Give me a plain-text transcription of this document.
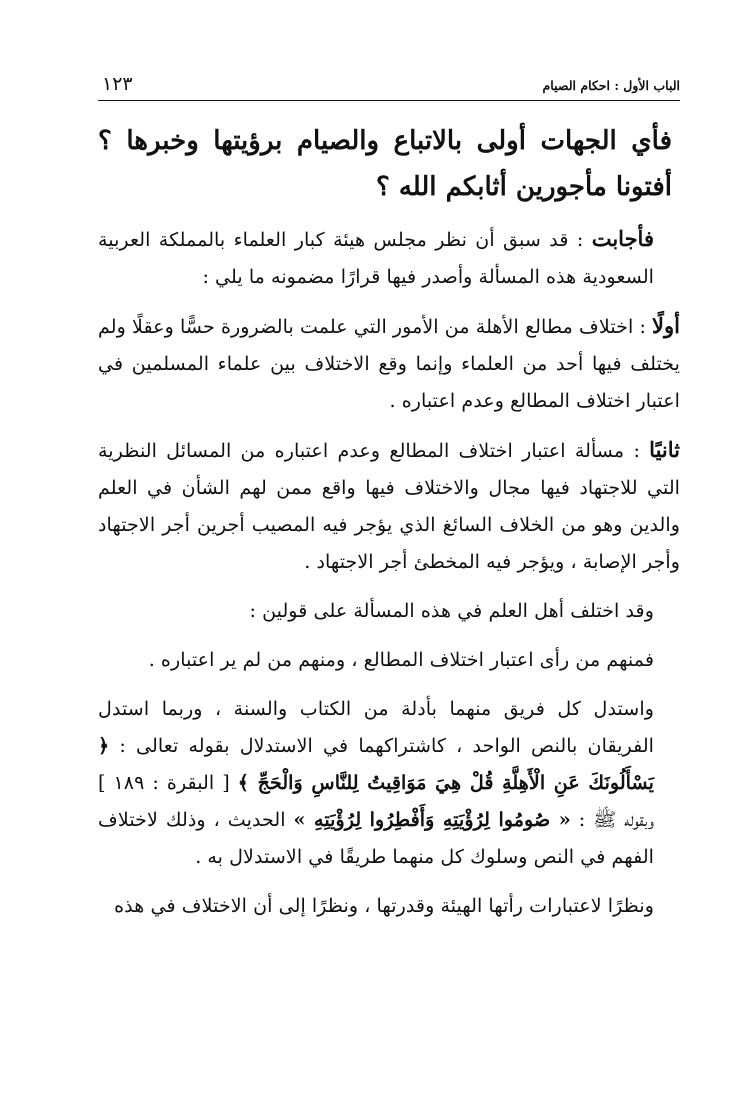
الباب الأول : احكام الصيام
١٢٣

فأي الجهات أولى بالاتباع والصيام برؤيتها وخبرها ؟ أفتونا مأجورين أثابكم الله ؟

فأجابت : قد سبق أن نظر مجلس هيئة كبار العلماء بالمملكة العربية السعودية هذه المسألة وأصدر فيها قرارًا مضمونه ما يلي :

أولًا : اختلاف مطالع الأهلة من الأمور التي علمت بالضرورة حسًّا وعقلًا ولم يختلف فيها أحد من العلماء وإنما وقع الاختلاف بين علماء المسلمين في اعتبار اختلاف المطالع وعدم اعتباره .

ثانيًا : مسألة اعتبار اختلاف المطالع وعدم اعتباره من المسائل النظرية التي للاجتهاد فيها مجال والاختلاف فيها واقع ممن لهم الشأن في العلم والدين وهو من الخلاف السائغ الذي يؤجر فيه المصيب أجرين أجر الاجتهاد وأجر الإصابة ، ويؤجر فيه المخطئ أجر الاجتهاد .

وقد اختلف أهل العلم في هذه المسألة على قولين :

فمنهم من رأى اعتبار اختلاف المطالع ، ومنهم من لم ير اعتباره .

واستدل كل فريق منهما بأدلة من الكتاب والسنة ، وربما استدل الفريقان بالنص الواحد ، كاشتراكهما في الاستدلال بقوله تعالى : ﴿ يَسْأَلُونَكَ عَنِ الْأَهِلَّةِ قُلْ هِيَ مَوَاقِيتُ لِلنَّاسِ وَالْحَجِّ ﴾ [ البقرة : ١٨٩ ] وبقوله ﷺ : « صُومُوا لِرُؤْيَتِهِ وَأَفْطِرُوا لِرُؤْيَتِهِ » الحديث ، وذلك لاختلاف الفهم في النص وسلوك كل منهما طريقًا في الاستدلال به .

ونظرًا لاعتبارات رأتها الهيئة وقدرتها ، ونظرًا إلى أن الاختلاف في هذه
